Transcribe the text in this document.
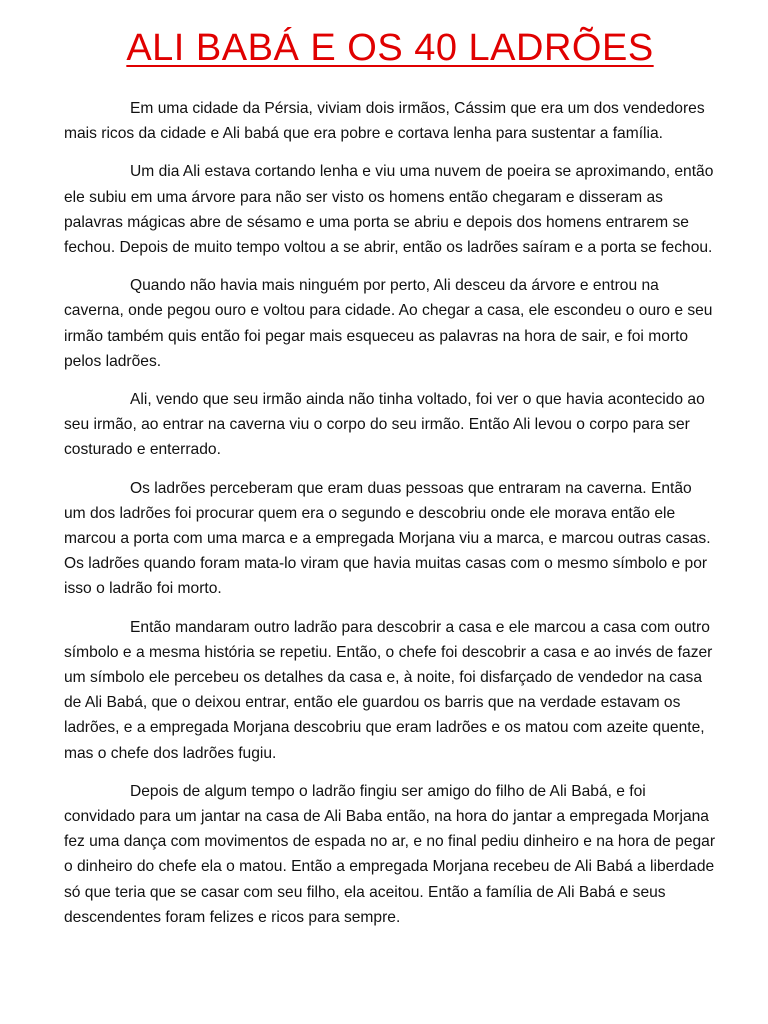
ALI BABÁ E OS 40 LADRÕES

Em uma cidade da Pérsia, viviam dois irmãos, Cássim que era um dos vendedores mais ricos da cidade e Ali babá que era pobre e cortava lenha para sustentar a família.

Um dia Ali estava cortando lenha e viu uma nuvem de poeira se aproximando, então ele subiu em uma árvore para não ser visto os homens então chegaram e disseram as palavras mágicas abre de sésamo e uma porta se abriu e depois dos homens entrarem se fechou. Depois de muito tempo voltou a se abrir, então os ladrões saíram e a porta se fechou.

Quando não havia mais ninguém por perto, Ali desceu da árvore e entrou na caverna, onde pegou ouro e voltou para cidade. Ao chegar a casa, ele escondeu o ouro e seu irmão também quis então foi pegar mais esqueceu as palavras na hora de sair, e foi morto pelos ladrões.

Ali, vendo que seu irmão ainda não tinha voltado, foi ver o que havia acontecido ao seu irmão, ao entrar na caverna viu o corpo do seu irmão. Então Ali levou o corpo para ser costurado e enterrado.

Os ladrões perceberam que eram duas pessoas que entraram na caverna. Então um dos ladrões foi procurar quem era o segundo e descobriu onde ele morava então ele marcou a porta com uma marca e a empregada Morjana viu a marca, e marcou outras casas. Os ladrões quando foram mata-lo viram que havia muitas casas com o mesmo símbolo e por isso o ladrão foi morto.

Então mandaram outro ladrão para descobrir a casa e ele marcou a casa com outro símbolo e a mesma história se repetiu. Então, o chefe foi descobrir a casa e ao invés de fazer um símbolo ele percebeu os detalhes da casa e, à noite, foi disfarçado de vendedor na casa de Ali Babá, que o deixou entrar, então ele guardou os barris que na verdade estavam os ladrões, e a empregada Morjana descobriu que eram ladrões e os matou com azeite quente, mas o chefe dos ladrões fugiu.

Depois de algum tempo o ladrão fingiu ser amigo do filho de Ali Babá, e foi convidado para um jantar na casa de Ali Baba então, na hora do jantar a empregada Morjana fez uma dança com movimentos de espada no ar, e no final pediu dinheiro e na hora de pegar o dinheiro do chefe ela o matou. Então a empregada Morjana recebeu de Ali Babá a liberdade só que teria que se casar com seu filho, ela aceitou. Então a família de Ali Babá e seus descendentes foram felizes e ricos para sempre.
